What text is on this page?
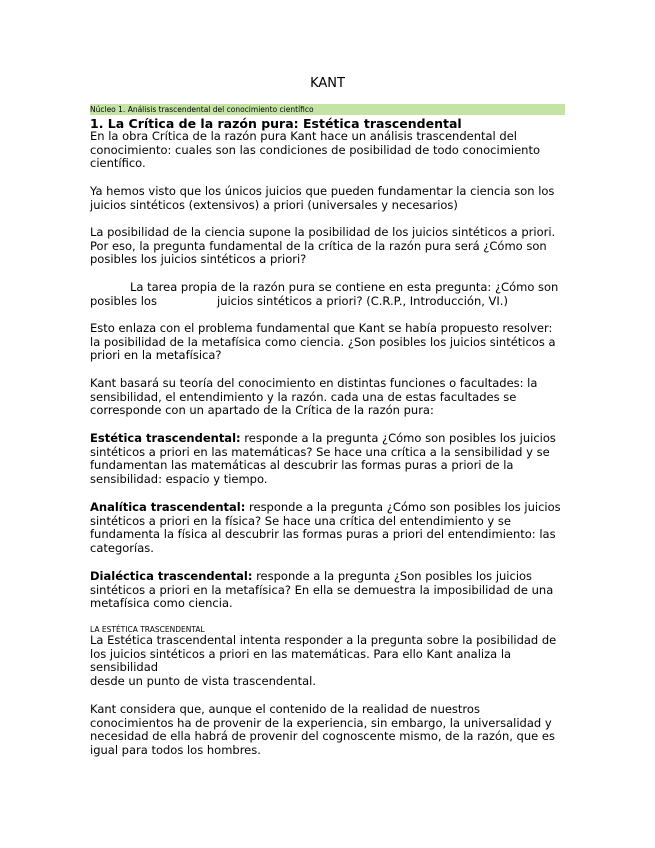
KANT
Núcleo 1. Análisis trascendental del conocimiento científico
1. La Crítica de la razón pura: Estética trascendental
En la obra Crítica de la razón pura Kant hace un análisis trascendental del conocimiento: cuales son las condiciones de posibilidad de todo conocimiento científico.
Ya hemos visto que los únicos juicios que pueden fundamentar la ciencia son los juicios sintéticos (extensivos) a priori (universales y necesarios)
La posibilidad de la ciencia supone la posibilidad de los juicios sintéticos a priori. Por eso, la pregunta fundamental de la crítica de la razón pura será ¿Cómo son posibles los juicios sintéticos a priori?
La tarea propia de la razón pura se contiene en esta pregunta: ¿Cómo son posibles los	juicios sintéticos a priori? (C.R.P., Introducción, VI.)
Esto enlaza con el problema fundamental que Kant se había propuesto resolver: la posibilidad de la metafísica como ciencia. ¿Son posibles los juicios sintéticos a priori en la metafísica?
Kant basará su teoría del conocimiento en distintas funciones o facultades: la sensibilidad, el entendimiento y la razón. cada una de estas facultades se corresponde con un apartado de la Crítica de la razón pura:
Estética trascendental: responde a la pregunta ¿Cómo son posibles los juicios sintéticos a priori en las matemáticas? Se hace una crítica a la sensibilidad y se fundamentan las matemáticas al descubrir las formas puras a priori de la sensibilidad: espacio y tiempo.
Analítica trascendental: responde a la pregunta ¿Cómo son posibles los juicios sintéticos a priori en la física? Se hace una crítica del entendimiento y se fundamenta la física al descubrir las formas puras a priori del entendimiento: las categorías.
Dialéctica trascendental: responde a la pregunta ¿Son posibles los juicios sintéticos a priori en la metafísica? En ella se demuestra la imposibilidad de una metafísica como ciencia.
LA ESTÉTICA TRASCENDENTAL
La Estética trascendental intenta responder a la pregunta sobre la posibilidad de los juicios sintéticos a priori en las matemáticas. Para ello Kant analiza la sensibilidad
desde un punto de vista trascendental.
Kant considera que, aunque el contenido de la realidad de nuestros conocimientos ha de provenir de la experiencia, sin embargo, la universalidad y necesidad de ella habrá de provenir del cognoscente mismo, de la razón, que es igual para todos los hombres.
